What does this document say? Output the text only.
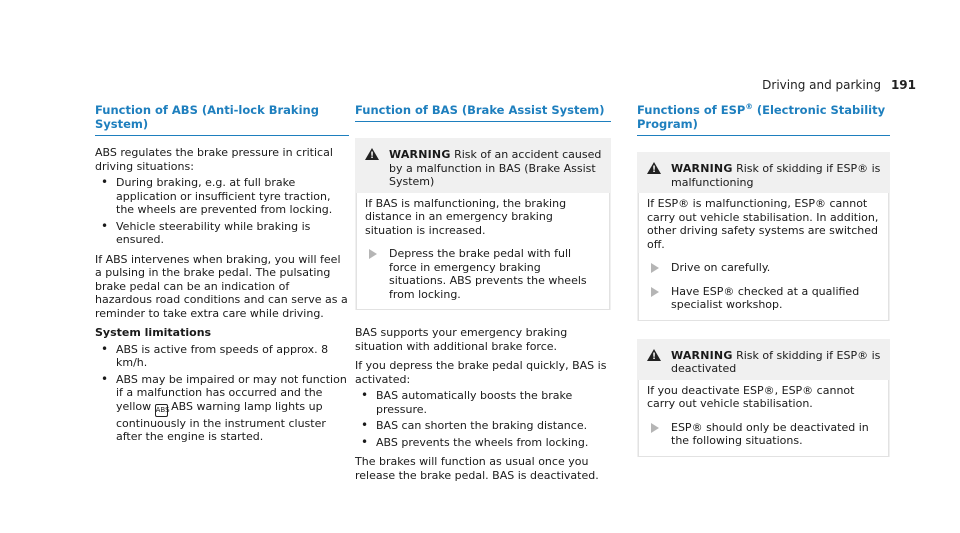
Driving and parking 191
Function of ABS (Anti-lock Braking System)

ABS regulates the brake pressure in critical driving situations:

• During braking, e.g. at full brake application or insufficient tyre traction, the wheels are prevented from locking.
• Vehicle steerability while braking is ensured.

If ABS intervenes when braking, you will feel a pulsing in the brake pedal. The pulsating brake pedal can be an indication of hazardous road conditions and can serve as a reminder to take extra care while driving.

System limitations

• ABS is active from speeds of approx. 8 km/h.
• ABS may be impaired or may not function if a malfunction has occurred and the yellow ABS ABS warning lamp lights up continuously in the instrument cluster after the engine is started.
Function of BAS (Brake Assist System)
!
WARNING Risk of an accident caused by a malfunction in BAS (Brake Assist System)

If BAS is malfunctioning, the braking distance in an emergency braking situation is increased.

Depress the brake pedal with full force in emergency braking situations. ABS prevents the wheels from locking.

BAS supports your emergency braking situation with additional brake force.

If you depress the brake pedal quickly, BAS is activated:

• BAS automatically boosts the brake pressure.
• BAS can shorten the braking distance.
• ABS prevents the wheels from locking.

The brakes will function as usual once you release the brake pedal. BAS is deactivated.

Functions of ESP® (Electronic Stability Program)
!
WARNING Risk of skidding if ESP® is malfunctioning

If ESP® is malfunctioning, ESP® cannot carry out vehicle stabilisation. In addition, other driving safety systems are switched off.

Drive on carefully.
Have ESP® checked at a qualified specialist workshop.
!
WARNING Risk of skidding if ESP® is deactivated

If you deactivate ESP®, ESP® cannot carry out vehicle stabilisation.

ESP® should only be deactivated in the following situations.
